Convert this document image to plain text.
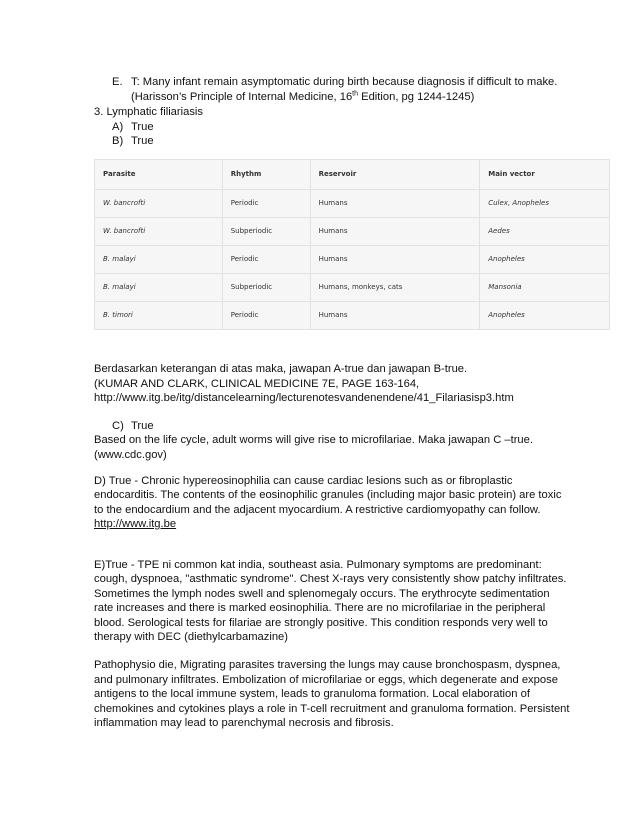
E. T: Many infant remain asymptomatic during birth because diagnosis if difficult to make.
(Harisson’s Principle of Internal Medicine, 16th Edition, pg 1244-1245)
3. Lymphatic filiariasis
A) True
B) True
Parasite	Rhythm	Reservoir	Main vector
W. bancrofti	Periodic	Humans	Culex, Anopheles
W. bancrofti	Subperiodic	Humans	Aedes
B. malayi	Periodic	Humans	Anopheles
B. malayi	Subperiodic	Humans, monkeys, cats	Mansonia
B. timori	Periodic	Humans	Anopheles
Berdasarkan keterangan di atas maka, jawapan A-true dan jawapan B-true.
(KUMAR AND CLARK, CLINICAL MEDICINE 7E, PAGE 163-164,
http://www.itg.be/itg/distancelearning/lecturenotesvandenendene/41_Filariasisp3.htm
C) True
Based on the life cycle, adult worms will give rise to microfilariae. Maka jawapan C –true.
(www.cdc.gov)
D) True - Chronic hypereosinophilia can cause cardiac lesions such as or fibroplastic
endocarditis. The contents of the eosinophilic granules (including major basic protein) are toxic
to the endocardium and the adjacent myocardium. A restrictive cardiomyopathy can follow.
http://www.itg.be
E)True - TPE ni common kat india, southeast asia. Pulmonary symptoms are predominant:
cough, dyspnoea, "asthmatic syndrome". Chest X-rays very consistently show patchy infiltrates.
Sometimes the lymph nodes swell and splenomegaly occurs. The erythrocyte sedimentation
rate increases and there is marked eosinophilia. There are no microfilariae in the peripheral
blood. Serological tests for filariae are strongly positive. This condition responds very well to
therapy with DEC (diethylcarbamazine)
Pathophysio die, Migrating parasites traversing the lungs may cause bronchospasm, dyspnea,
and pulmonary infiltrates. Embolization of microfilariae or eggs, which degenerate and expose
antigens to the local immune system, leads to granuloma formation. Local elaboration of
chemokines and cytokines plays a role in T-cell recruitment and granuloma formation. Persistent
inflammation may lead to parenchymal necrosis and fibrosis.
